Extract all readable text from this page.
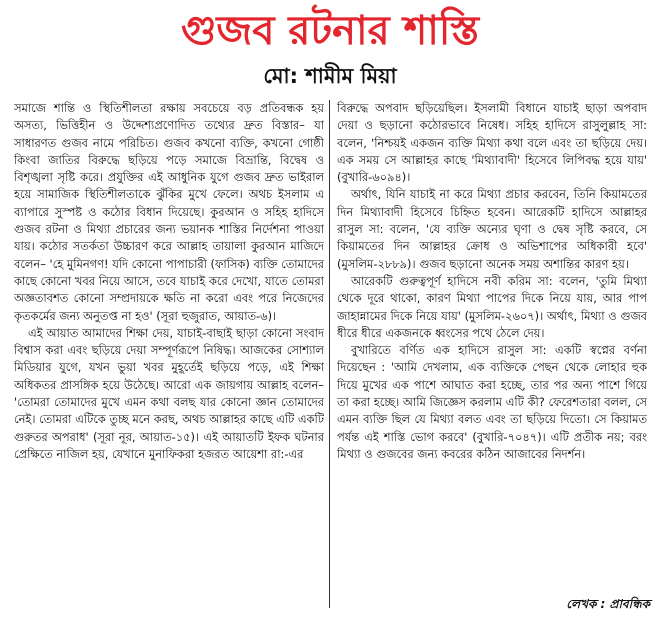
গুজব রটনার শাস্তি
মো: শামীম মিয়া

সমাজে শান্তি ও স্থিতিশীলতা রক্ষায় সবচেয়ে বড় প্রতিবন্ধক হয় অসত্য, ভিত্তিহীন ও উদ্দেশ্যপ্রণোদিত তথ্যের দ্রুত বিস্তার– যা সাধারণত গুজব নামে পরিচিত। গুজব কখনো ব্যক্তি, কখনো গোষ্ঠী কিংবা জাতির বিরুদ্ধে ছড়িয়ে পড়ে সমাজে বিভ্রান্তি, বিদ্বেষ ও বিশৃঙ্খলা সৃষ্টি করে। প্রযুক্তির এই আধুনিক যুগে গুজব দ্রুত ভাইরাল হয়ে সামাজিক স্থিতিশীলতাকে ঝুঁকির মুখে ফেলে। অথচ ইসলাম এ ব্যাপারে সুস্পষ্ট ও কঠোর বিধান দিয়েছে। কুরআন ও সহিহ হাদিসে গুজব রটনা ও মিথ্যা প্রচারের জন্য ভয়ানক শাস্তির নির্দেশনা পাওয়া যায়। কঠোর সতর্কতা উচ্চারণ করে আল্লাহ তায়ালা কুরআন মাজিদে বলেন– 'হে মুমিনগণ! যদি কোনো পাপাচারী (ফাসিক) ব্যক্তি তোমাদের কাছে কোনো খবর নিয়ে আসে, তবে যাচাই করে দেখো, যাতে তোমরা অজ্ঞতাবশত কোনো সম্প্রদায়কে ক্ষতি না করো এবং পরে নিজেদের কৃতকর্মের জন্য অনুতপ্ত না হও' (সূরা হুজুরাত, আয়াত-৬)।

এই আয়াত আমাদের শিক্ষা দেয়, যাচাই-বাছাই ছাড়া কোনো সংবাদ বিশ্বাস করা এবং ছড়িয়ে দেয়া সম্পূর্ণরূপে নিষিদ্ধ। আজকের সোশ্যাল মিডিয়ার যুগে, যখন ভুয়া খবর মুহূর্তেই ছড়িয়ে পড়ে, এই শিক্ষা অধিকতর প্রাসঙ্গিক হয়ে উঠেছে। আরো এক জায়গায় আল্লাহ বলেন– 'তোমরা তোমাদের মুখে এমন কথা বলছ যার কোনো জ্ঞান তোমাদের নেই। তোমরা এটিকে তুচ্ছ মনে করছ, অথচ আল্লাহর কাছে এটি একটি গুরুতর অপরাধ' (সূরা নূর, আয়াত-১৫)। এই আয়াতটি ইফক ঘটনার প্রেক্ষিতে নাজিল হয়, যেখানে মুনাফিকরা হজরত আয়েশা রা:-এর

বিরুদ্ধে অপবাদ ছড়িয়েছিল। ইসলামী বিধানে যাচাই ছাড়া অপবাদ দেয়া ও ছড়ানো কঠোরভাবে নিষেধ। সহিহ হাদিসে রাসুলুল্লাহ সা: বলেন, 'নিশ্চয়ই একজন ব্যক্তি মিথ্যা কথা বলে এবং তা ছড়িয়ে দেয়। এক সময় সে আল্লাহর কাছে 'মিথ্যাবাদী' হিসেবে লিপিবদ্ধ হয়ে যায়' (বুখারি-৬০৯৪)।

অর্থাৎ, যিনি যাচাই না করে মিথ্যা প্রচার করবেন, তিনি কিয়ামতের দিন মিথ্যাবাদী হিসেবে চিহ্নিত হবেন। আরেকটি হাদিসে আল্লাহর রাসুল সা: বলেন, 'যে ব্যক্তি অন্যের ঘৃণা ও দ্বেষ সৃষ্টি করবে, সে কিয়ামতের দিন আল্লাহর ক্রোধ ও অভিশাপের অধিকারী হবে' (মুসলিম-২৮৮৯)। গুজব ছড়ানো অনেক সময় অশান্তির কারণ হয়।

আরেকটি গুরুত্বপূর্ণ হাদিসে নবী করিম সা: বলেন, 'তুমি মিথ্যা থেকে দূরে থাকো, কারণ মিথ্যা পাপের দিকে নিয়ে যায়, আর পাপ জাহান্নামের দিকে নিয়ে যায়' (মুসলিম-২৬০৭)। অর্থাৎ, মিথ্যা ও গুজব ধীরে ধীরে একজনকে ধ্বংসের পথে ঠেলে দেয়।

বুখারিতে বর্ণিত এক হাদিসে রাসুল সা: একটি স্বপ্নের বর্ণনা দিয়েছেন : 'আমি দেখলাম, এক ব্যক্তিকে পেছন থেকে লোহার হুক দিয়ে মুখের এক পাশে আঘাত করা হচ্ছে, তার পর অন্য পাশে গিয়ে তা করা হচ্ছে। আমি জিজ্ঞেস করলাম এটি কী? ফেরেশতারা বলল, সে এমন ব্যক্তি ছিল যে মিথ্যা বলত এবং তা ছড়িয়ে দিতো। সে কিয়ামত পর্যন্ত এই শাস্তি ভোগ করবে' (বুখারি-৭০৪৭)। এটি প্রতীক নয়; বরং মিথ্যা ও গুজবের জন্য কবরের কঠিন আজাবের নিদর্শন।

লেখক : প্রাবন্ধিক
